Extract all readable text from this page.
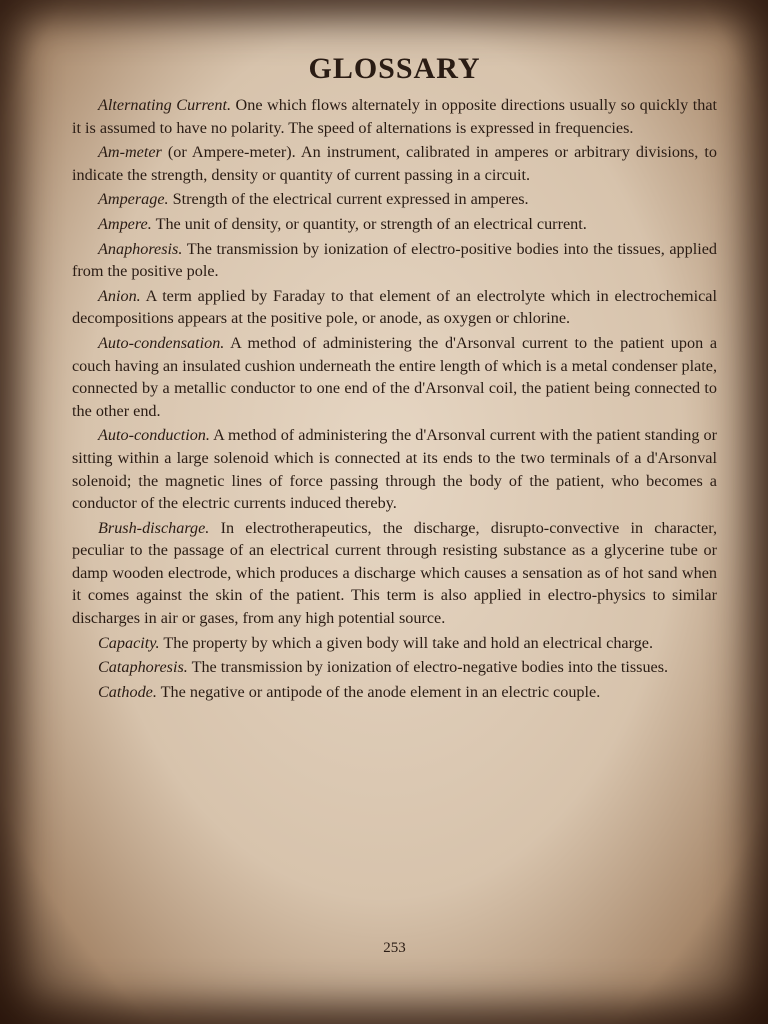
GLOSSARY

Alternating Current. One which flows alternately in opposite directions usually so quickly that it is assumed to have no polarity. The speed of alternations is expressed in frequencies.

Am-meter (or Ampere-meter). An instrument, calibrated in amperes or arbitrary divisions, to indicate the strength, density or quantity of current passing in a circuit.

Amperage. Strength of the electrical current expressed in amperes.

Ampere. The unit of density, or quantity, or strength of an electrical current.

Anaphoresis. The transmission by ionization of electro-positive bodies into the tissues, applied from the positive pole.

Anion. A term applied by Faraday to that element of an electrolyte which in electrochemical decompositions appears at the positive pole, or anode, as oxygen or chlorine.

Auto-condensation. A method of administering the d'Arsonval current to the patient upon a couch having an insulated cushion underneath the entire length of which is a metal condenser plate, connected by a metallic conductor to one end of the d'Arsonval coil, the patient being connected to the other end.

Auto-conduction. A method of administering the d'Arsonval current with the patient standing or sitting within a large solenoid which is connected at its ends to the two terminals of a d'Arsonval solenoid; the magnetic lines of force passing through the body of the patient, who becomes a conductor of the electric currents induced thereby.

Brush-discharge. In electrotherapeutics, the discharge, disrupto-convective in character, peculiar to the passage of an electrical current through resisting substance as a glycerine tube or damp wooden electrode, which produces a discharge which causes a sensation as of hot sand when it comes against the skin of the patient. This term is also applied in electro-physics to similar discharges in air or gases, from any high potential source.

Capacity. The property by which a given body will take and hold an electrical charge.

Cataphoresis. The transmission by ionization of electro-negative bodies into the tissues.

Cathode. The negative or antipode of the anode element in an electric couple.

253
